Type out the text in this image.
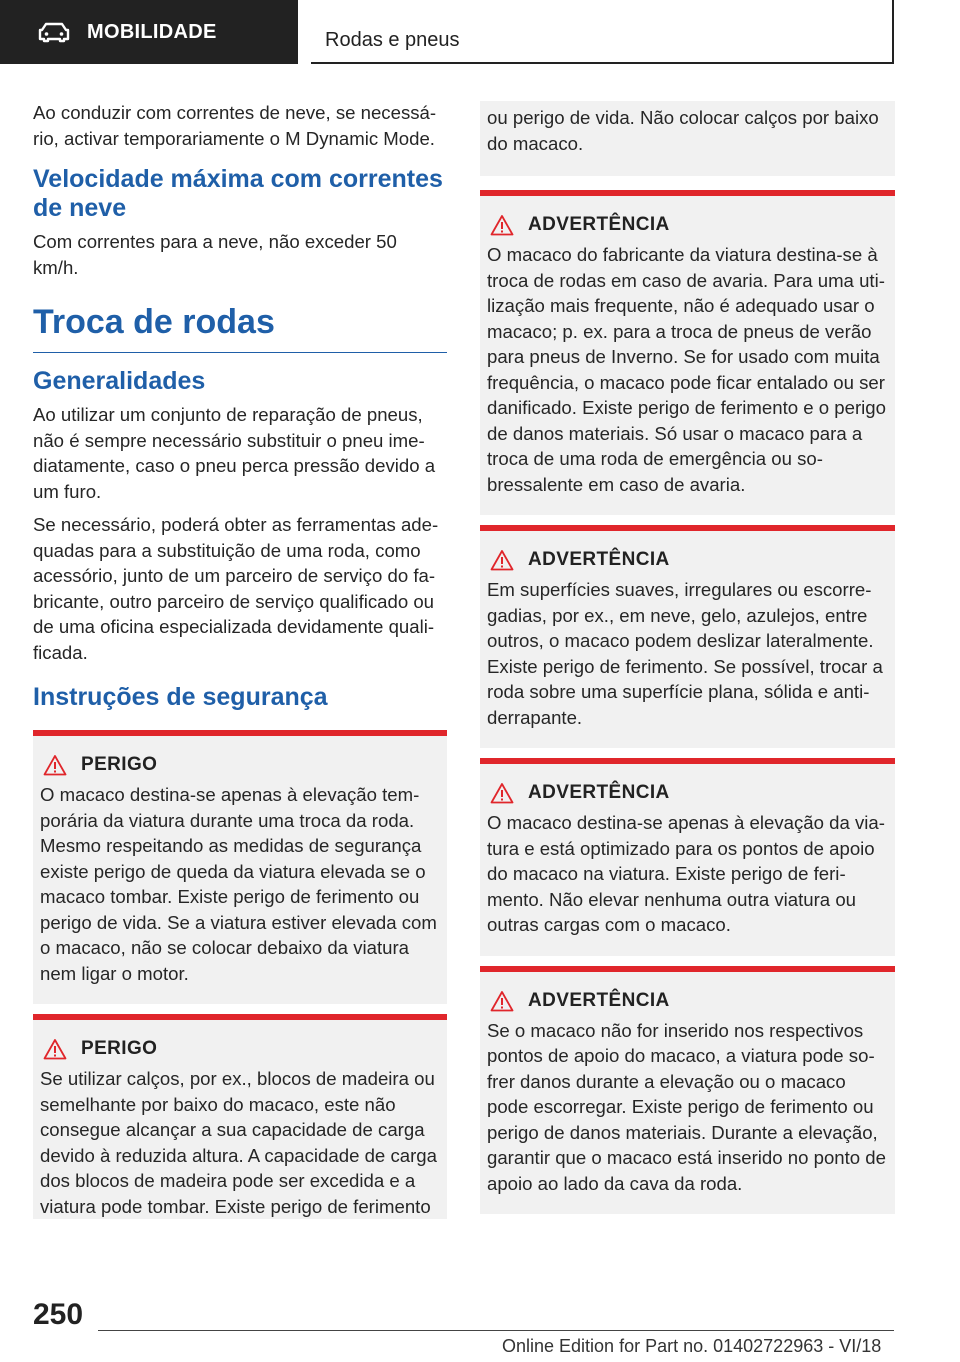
MOBILIDADE	Rodas e pneus

Ao conduzir com correntes de neve, se necessário, activar temporariamente o M Dynamic Mode.

Velocidade máxima com correntes de neve

Com correntes para a neve, não exceder 50 km/h.

Troca de rodas
Generalidades

Ao utilizar um conjunto de reparação de pneus, não é sempre necessário substituir o pneu imediatamente, caso o pneu perca pressão devido a um furo.

Se necessário, poderá obter as ferramentas adequadas para a substituição de uma roda, como acessório, junto de um parceiro de serviço do fabricante, outro parceiro de serviço qualificado ou de uma oficina especializada devidamente qualificada.

Instruções de segurança
PERIGO

O macaco destina-se apenas à elevação temporária da viatura durante uma troca da roda. Mesmo respeitando as medidas de segurança existe perigo de queda da viatura elevada se o macaco tombar. Existe perigo de ferimento ou perigo de vida. Se a viatura estiver elevada com o macaco, não se colocar debaixo da viatura nem ligar o motor.

PERIGO

Se utilizar calços, por ex., blocos de madeira ou semelhante por baixo do macaco, este não consegue alcançar a sua capacidade de carga devido à reduzida altura. A capacidade de carga dos blocos de madeira pode ser excedida e a viatura pode tombar. Existe perigo de ferimento

ou perigo de vida. Não colocar calços por baixo do macaco.

ADVERTÊNCIA

O macaco do fabricante da viatura destina-se à troca de rodas em caso de avaria. Para uma utilização mais frequente, não é adequado usar o macaco; p. ex. para a troca de pneus de verão para pneus de Inverno. Se for usado com muita frequência, o macaco pode ficar entalado ou ser danificado. Existe perigo de ferimento e o perigo de danos materiais. Só usar o macaco para a troca de uma roda de emergência ou sobressalente em caso de avaria.

ADVERTÊNCIA

Em superfícies suaves, irregulares ou escorregadias, por ex., em neve, gelo, azulejos, entre outros, o macaco podem deslizar lateralmente. Existe perigo de ferimento. Se possível, trocar a roda sobre uma superfície plana, sólida e antiderrapante.

ADVERTÊNCIA

O macaco destina-se apenas à elevação da viatura e está optimizado para os pontos de apoio do macaco na viatura. Existe perigo de ferimento. Não elevar nenhuma outra viatura ou outras cargas com o macaco.

ADVERTÊNCIA

Se o macaco não for inserido nos respectivos pontos de apoio do macaco, a viatura pode sofrer danos durante a elevação ou o macaco pode escorregar. Existe perigo de ferimento ou perigo de danos materiais. Durante a elevação, garantir que o macaco está inserido no ponto de apoio ao lado da cava da roda.

250
Online Edition for Part no. 01402722963 - VI/18
